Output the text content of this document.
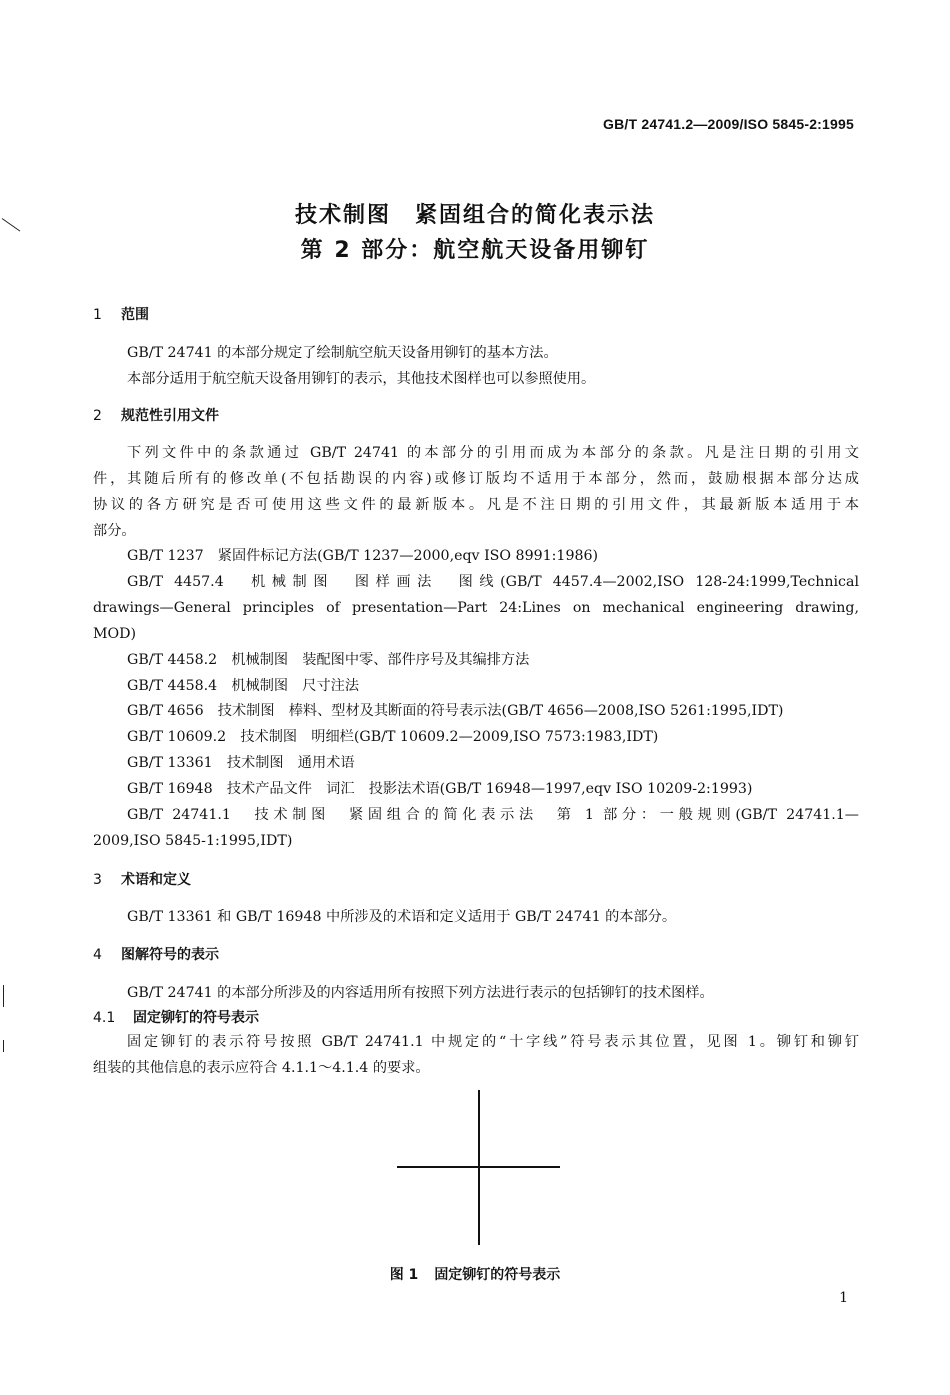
GB/T 24741.2—2009/ISO 5845-2:1995
技术制图　紧固组合的简化表示法
第 2 部分：航空航天设备用铆钉
1 范围
GB/T 24741 的本部分规定了绘制航空航天设备用铆钉的基本方法。
本部分适用于航空航天设备用铆钉的表示，其他技术图样也可以参照使用。
2 规范性引用文件
下列文件中的条款通过 GB/T 24741 的本部分的引用而成为本部分的条款。凡是注日期的引用文
件，其随后所有的修改单(不包括勘误的内容)或修订版均不适用于本部分，然而，鼓励根据本部分达成
协议的各方研究是否可使用这些文件的最新版本。凡是不注日期的引用文件，其最新版本适用于本
部分。
GB/T 1237　紧固件标记方法(GB/T 1237—2000,eqv ISO 8991:1986)
GB/T 4457.4　机械制图　图样画法　图线(GB/T 4457.4—2002,ISO 128-24:1999,Technical
drawings—General principles of presentation—Part 24:Lines on mechanical engineering drawing,
MOD)
GB/T 4458.2　机械制图　装配图中零、部件序号及其编排方法
GB/T 4458.4　机械制图　尺寸注法
GB/T 4656　技术制图　棒料、型材及其断面的符号表示法(GB/T 4656—2008,ISO 5261:1995,IDT)
GB/T 10609.2　技术制图　明细栏(GB/T 10609.2—2009,ISO 7573:1983,IDT)
GB/T 13361　技术制图　通用术语
GB/T 16948　技术产品文件　词汇　投影法术语(GB/T 16948—1997,eqv ISO 10209-2:1993)
GB/T 24741.1　技术制图　紧固组合的简化表示法　第 1 部分：一般规则(GB/T 24741.1—
2009,ISO 5845-1:1995,IDT)
3 术语和定义
GB/T 13361 和 GB/T 16948 中所涉及的术语和定义适用于 GB/T 24741 的本部分。
4 图解符号的表示
GB/T 24741 的本部分所涉及的内容适用所有按照下列方法进行表示的包括铆钉的技术图样。
4.1 固定铆钉的符号表示
固定铆钉的表示符号按照 GB/T 24741.1 中规定的“十字线”符号表示其位置，见图 1。铆钉和铆钉
组装的其他信息的表示应符合 4.1.1～4.1.4 的要求。
图 1 固定铆钉的符号表示
1
